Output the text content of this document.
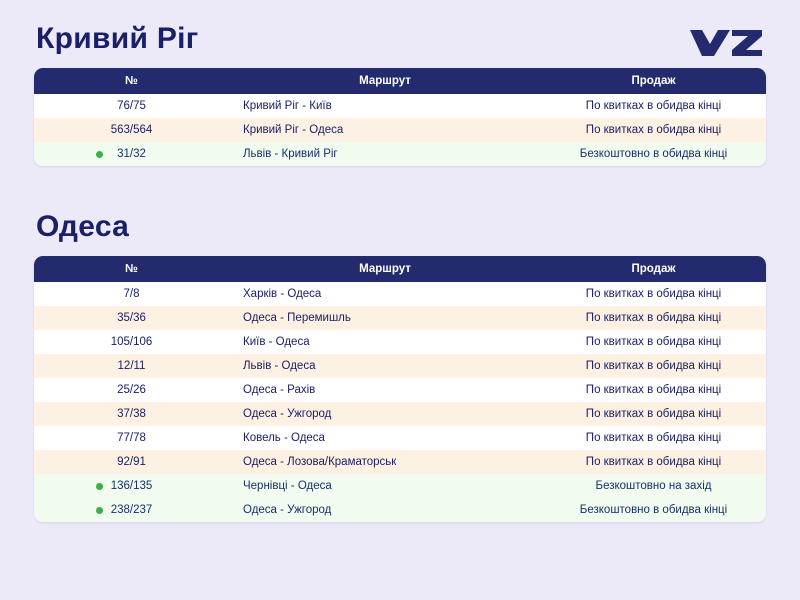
Кривий Ріг
№	Маршрут	Продаж
76/75	Кривий Ріг - Київ	По квитках в обидва кінці
563/564	Кривий Ріг - Одеса	По квитках в обидва кінці
31/32	Львів - Кривий Ріг	Безкоштовно в обидва кінці
Одеса
№	Маршрут	Продаж
7/8	Харків - Одеса	По квитках в обидва кінці
35/36	Одеса - Перемишль	По квитках в обидва кінці
105/106	Київ - Одеса	По квитках в обидва кінці
12/11	Львів - Одеса	По квитках в обидва кінці
25/26	Одеса - Рахів	По квитках в обидва кінці
37/38	Одеса - Ужгород	По квитках в обидва кінці
77/78	Ковель - Одеса	По квитках в обидва кінці
92/91	Одеса - Лозова/Краматорськ	По квитках в обидва кінці
136/135	Чернівці - Одеса	Безкоштовно на захід
238/237	Одеса - Ужгород	Безкоштовно в обидва кінці
